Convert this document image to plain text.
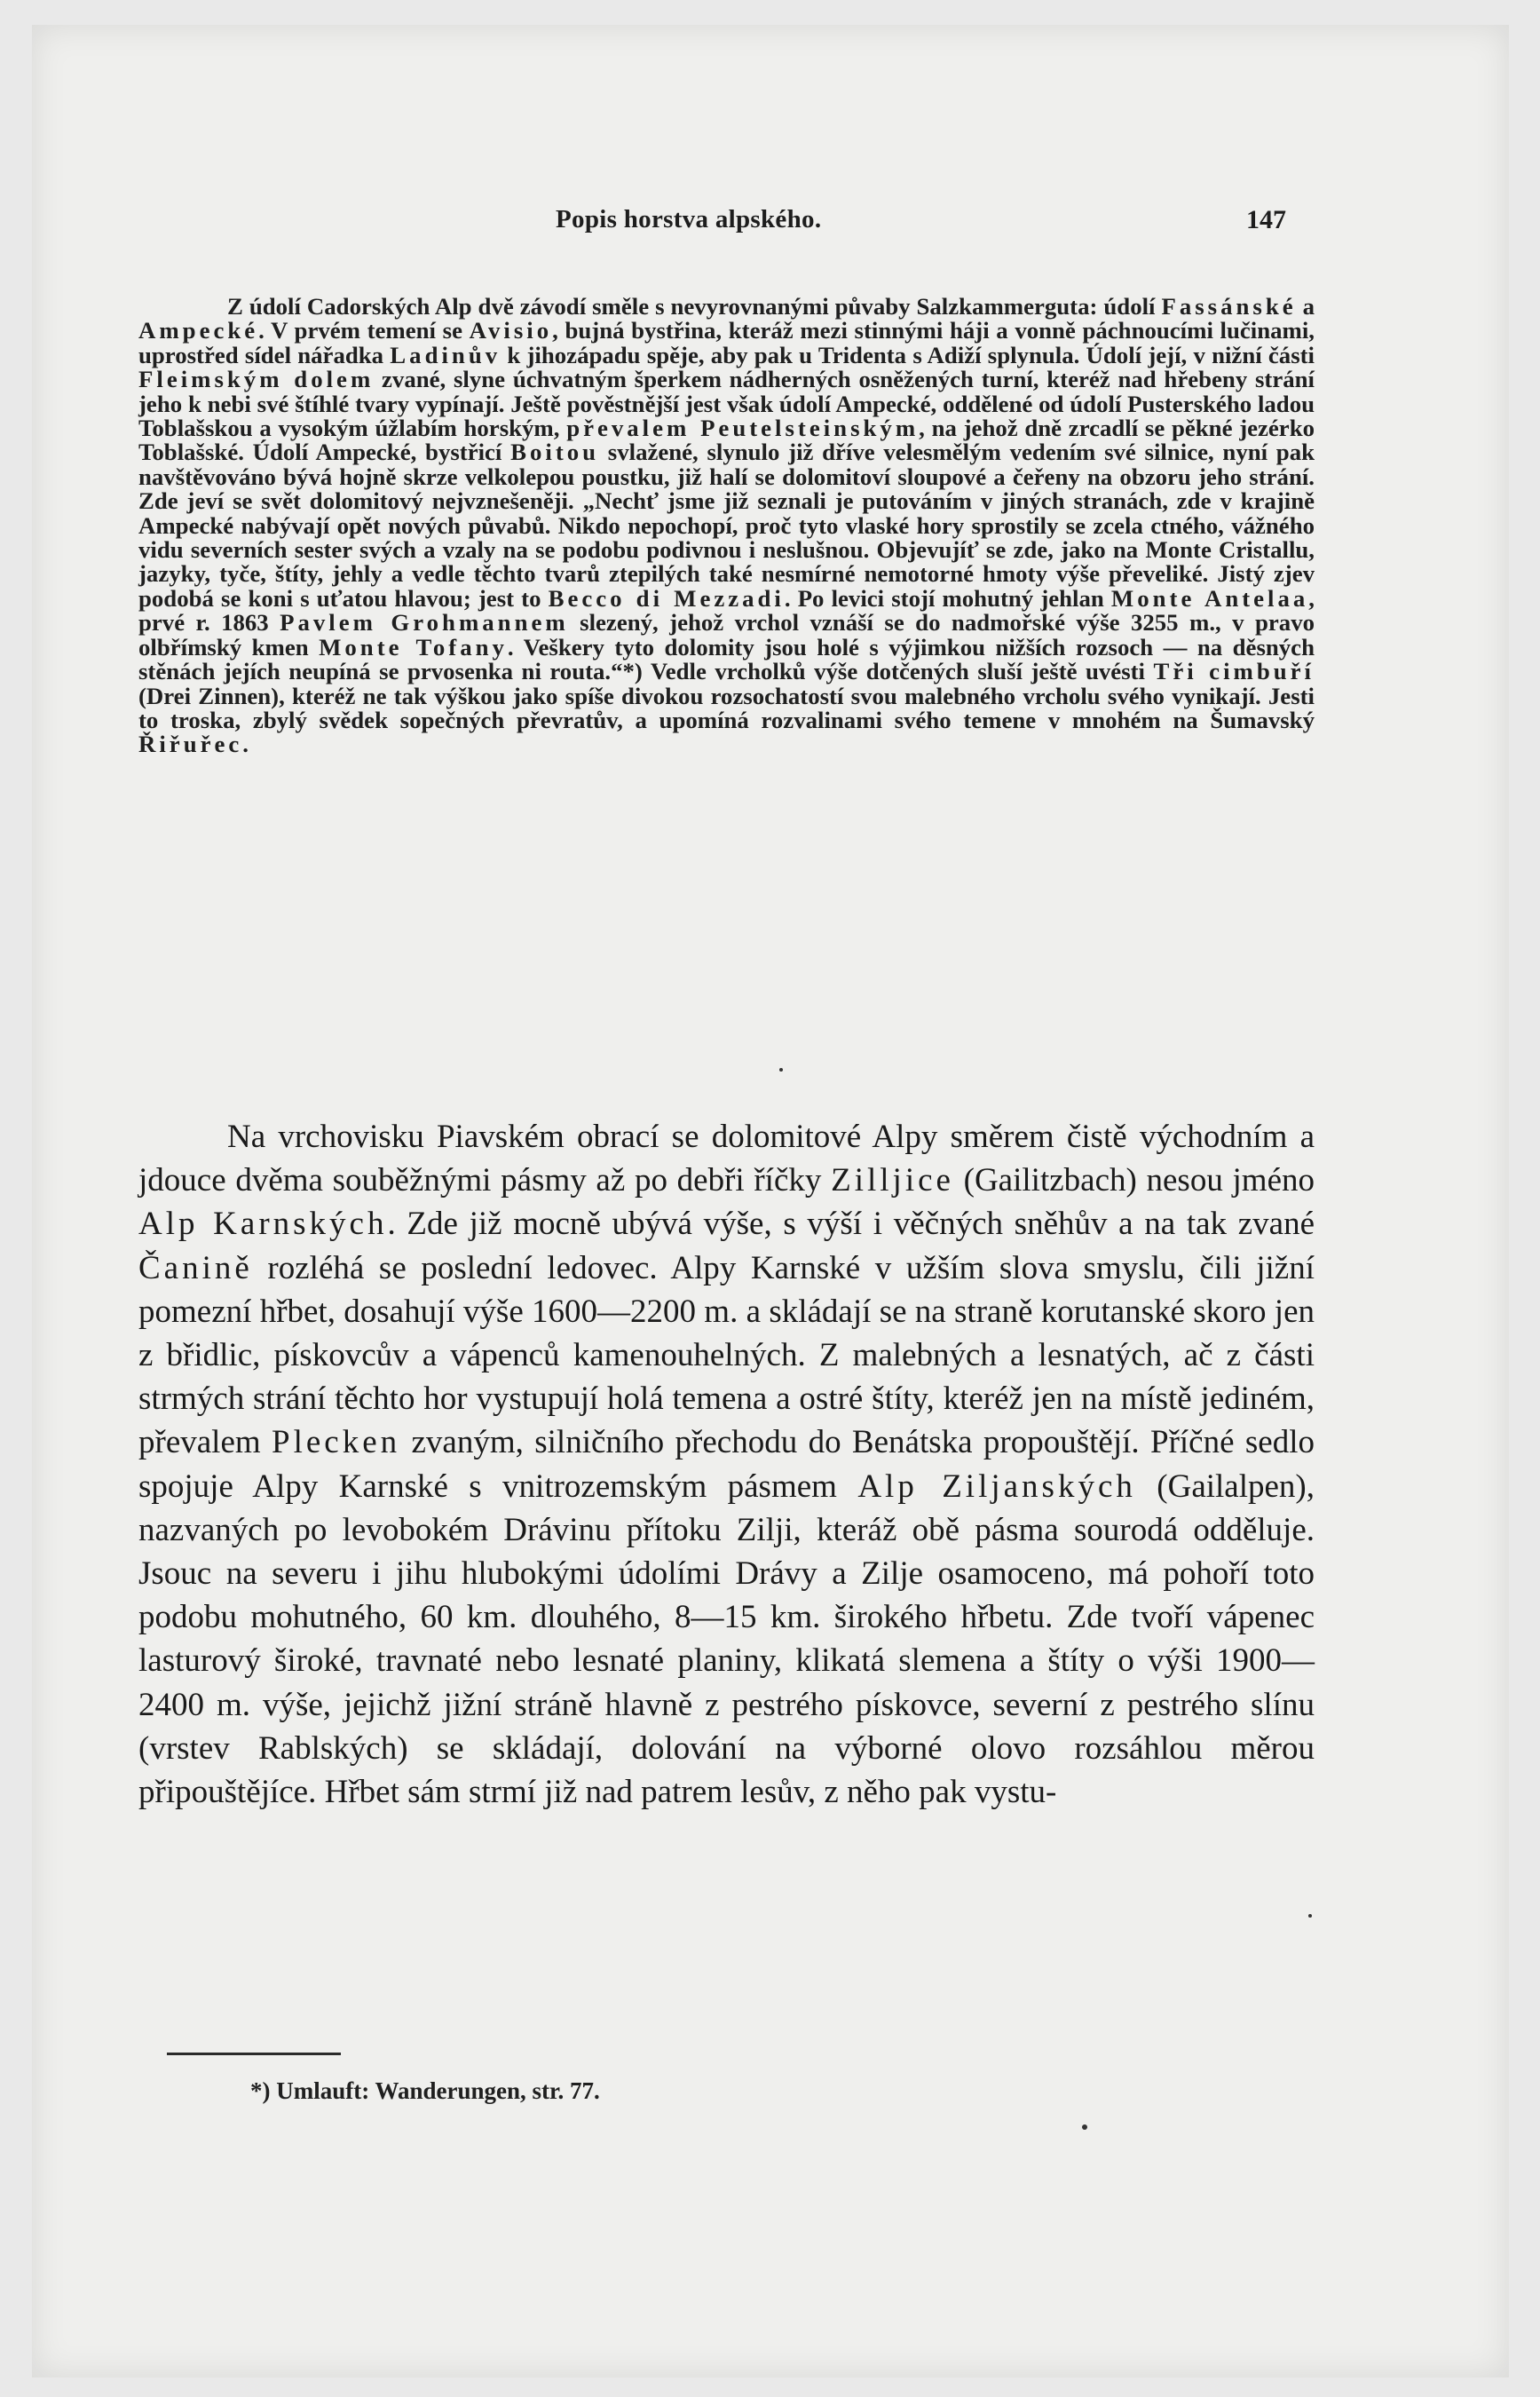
Popis horstva alpského.	147

Z údolí Cadorských Alp dvě závodí směle s nevyrovnanými půvaby Salzkammerguta: údolí Fassánské a Ampecké. V prvém temení se Avisio, bujná bystřina, kteráž mezi stinnými háji a vonně páchnoucími lučinami, uprostřed sídel nářadka Ladinův k jihozápadu spěje, aby pak u Tridenta s Adiží splynula. Údolí její, v nižní části Fleimským dolem zvané, slyne úchvatným šperkem nádherných osněžených turní, kteréž nad hřebeny strání jeho k nebi své štíhlé tvary vypínají. Ještě pověstnější jest však údolí Ampecké, oddělené od údolí Pusterského ladou Toblašskou a vysokým úžlabím horským, převalem Peutelsteinským, na jehož dně zrcadlí se pěkné jezérko Toblašské. Údolí Ampecké, bystřicí Boitou svlažené, slynulo již dříve velesmělým vedením své silnice, nyní pak navštěvováno bývá hojně skrze velkolepou poustku, již halí se dolomitoví sloupové a čeřeny na obzoru jeho strání. Zde jeví se svět dolomitový nejvznešeněji. „Nechť jsme již seznali je putováním v jiných stranách, zde v krajině Ampecké nabývají opět nových půvabů. Nikdo nepochopí, proč tyto vlaské hory sprostily se zcela ctného, vážného vidu severních sester svých a vzaly na se podobu podivnou i neslušnou. Objevujíť se zde, jako na Monte Cristallu, jazyky, tyče, štíty, jehly a vedle těchto tvarů ztepilých také nesmírné nemotorné hmoty výše převeliké. Jistý zjev podobá se koni s uťatou hlavou; jest to Becco di Mezzadi. Po levici stojí mohutný jehlan Monte Antelaa, prvé r. 1863 Pavlem Grohmannem slezený, jehož vrchol vznáší se do nadmořské výše 3255 m., v pravo olbřímský kmen Monte Tofany. Veškery tyto dolomity jsou holé s výjimkou nižších rozsoch — na děsných stěnách jejích neupíná se prvosenka ni routa.“*) Vedle vrcholků výše dotčených sluší ještě uvésti Tři cimbuří (Drei Zinnen), kteréž ne tak výškou jako spíše divokou rozsochatostí svou malebného vrcholu svého vynikají. Jesti to troska, zbylý svědek sopečných převratův, a upomíná rozvalinami svého temene v mnohém na Šumavský Řiřuřec.

Na vrchovisku Piavském obrací se dolomitové Alpy směrem čistě východním a jdouce dvěma souběžnými pásmy až po debři říčky Zilljice (Gailitzbach) nesou jméno Alp Karnských. Zde již mocně ubývá výše, s výší i věčných sněhův a na tak zvané Čanině rozléhá se poslední ledovec. Alpy Karnské v užším slova smyslu, čili jižní pomezní hřbet, dosahují výše 1600—2200 m. a skládají se na straně korutanské skoro jen z břidlic, pískovcův a vápenců kamenouhelných. Z malebných a lesnatých, ač z části strmých strání těchto hor vystupují holá temena a ostré štíty, kteréž jen na místě jediném, převalem Plecken zvaným, silničního přechodu do Benátska propouštějí. Příčné sedlo spojuje Alpy Karnské s vnitrozemským pásmem Alp Ziljanských (Gailalpen), nazvaných po levobokém Drávinu přítoku Zilji, kteráž obě pásma sourodá odděluje. Jsouc na severu i jihu hlubokými údolími Drávy a Zilje osamoceno, má pohoří toto podobu mohutného, 60 km. dlouhého, 8—15 km. širokého hřbetu. Zde tvoří vápenec lasturový široké, travnaté nebo lesnaté planiny, klikatá slemena a štíty o výši 1900—2400 m. výše, jejichž jižní stráně hlavně z pestrého pískovce, severní z pestrého slínu (vrstev Rablských) se skládají, dolování na výborné olovo rozsáhlou měrou připouštějíce. Hřbet sám strmí již nad patrem lesův, z něho pak vystu-

*) Umlauft: Wanderungen, str. 77.
